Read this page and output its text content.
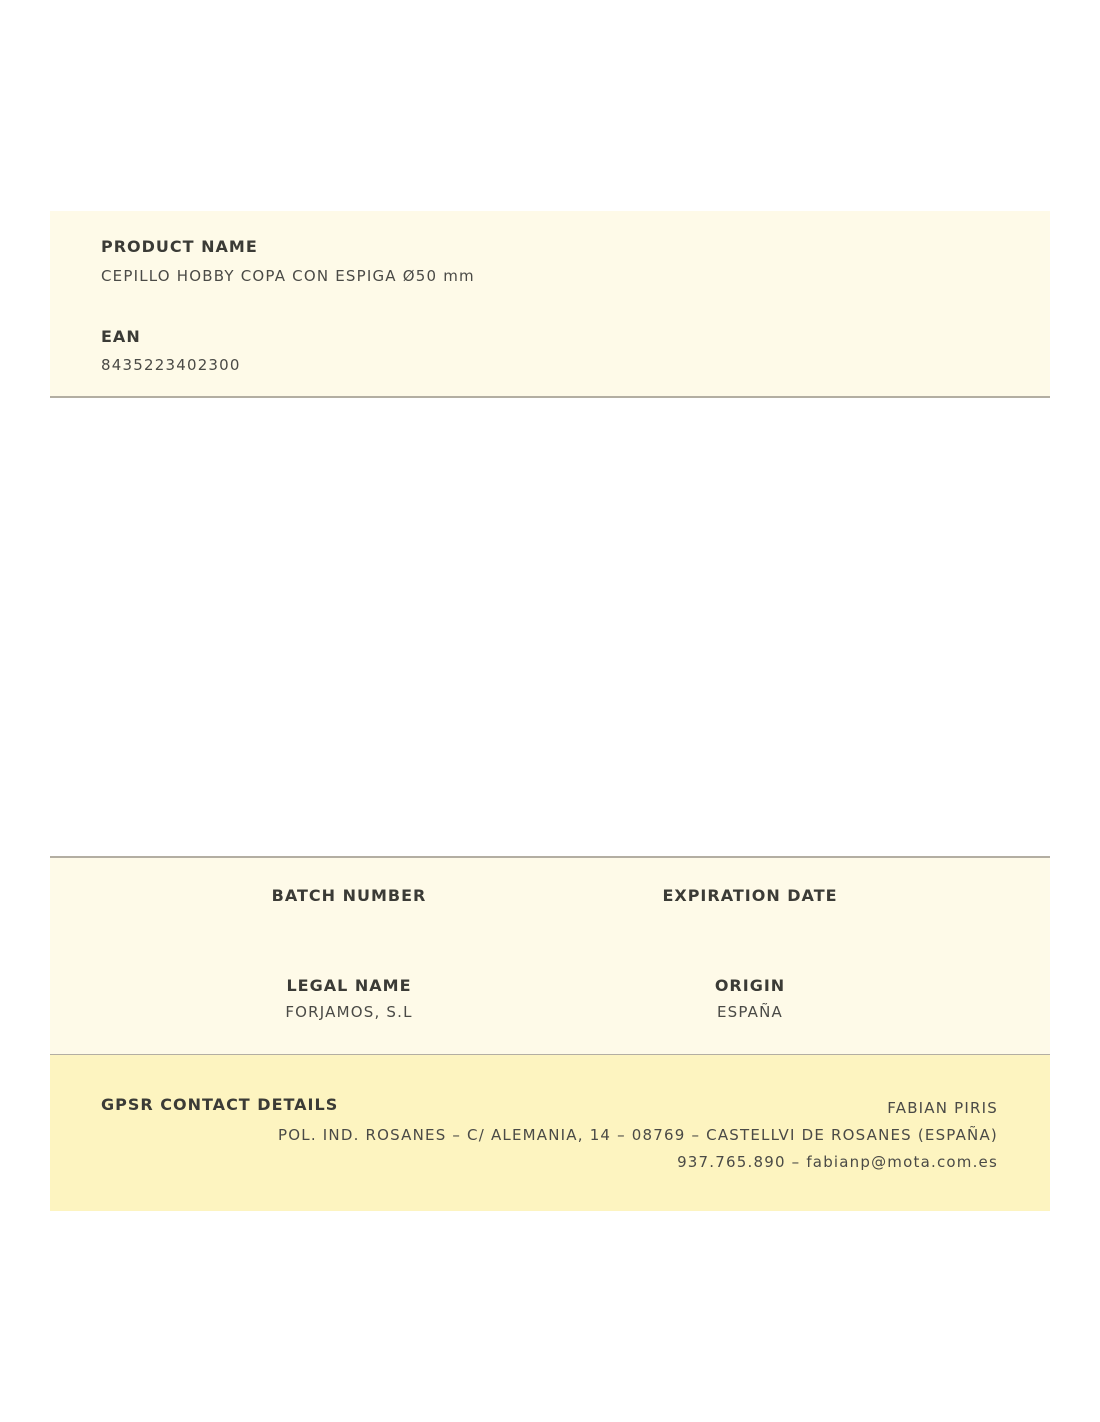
PRODUCT NAME
CEPILLO HOBBY COPA CON ESPIGA Ø50 mm
EAN
8435223402300
BATCH NUMBER	EXPIRATION DATE
LEGAL NAME
FORJAMOS, S.L
ORIGIN
ESPAÑA
GPSR CONTACT DETAILS	FABIAN PIRIS
POL. IND. ROSANES – C/ ALEMANIA, 14 – 08769 – CASTELLVI DE ROSANES (ESPAÑA)
937.765.890 – fabianp@mota.com.es
